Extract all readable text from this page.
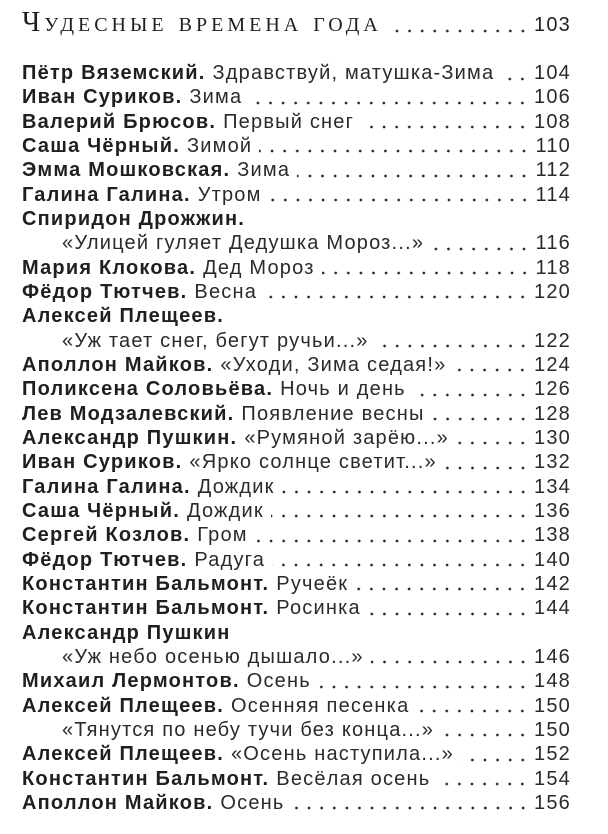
Чудесные времена года	103
Пётр Вяземский. Здравствуй, матушка-Зима 104
Иван Суриков. Зима	106
Валерий Брюсов. Первый снег	108
Саша Чёрный. Зимой	110
Эмма Мошковская. Зима	112
Галина Галина. Утром	114
Спиридон Дрожжин.
«Улицей гуляет Дедушка Мороз...»	116
Мария Клокова. Дед Мороз	118
Фёдор Тютчев. Весна	120
Алексей Плещеев.
«Уж тает снег, бегут ручьи...»	122
Аполлон Майков. «Уходи, Зима седая!»	124
Поликсена Соловьёва. Ночь и день	126
Лев Модзалевский. Появление весны	128
Александр Пушкин. «Румяной зарёю...»	130
Иван Суриков. «Ярко солнце светит...»	132
Галина Галина. Дождик	134
Саша Чёрный. Дождик	136
Сергей Козлов. Гром	138
Фёдор Тютчев. Радуга	140
Константин Бальмонт. Ручеёк	142
Константин Бальмонт. Росинка	144
Александр Пушкин
«Уж небо осенью дышало...»	146
Михаил Лермонтов. Осень	148
Алексей Плещеев. Осенняя песенка	150
«Тянутся по небу тучи без конца...»	150
Алексей Плещеев. «Осень наступила...»	152
Константин Бальмонт. Весёлая осень	154
Аполлон Майков. Осень	156
